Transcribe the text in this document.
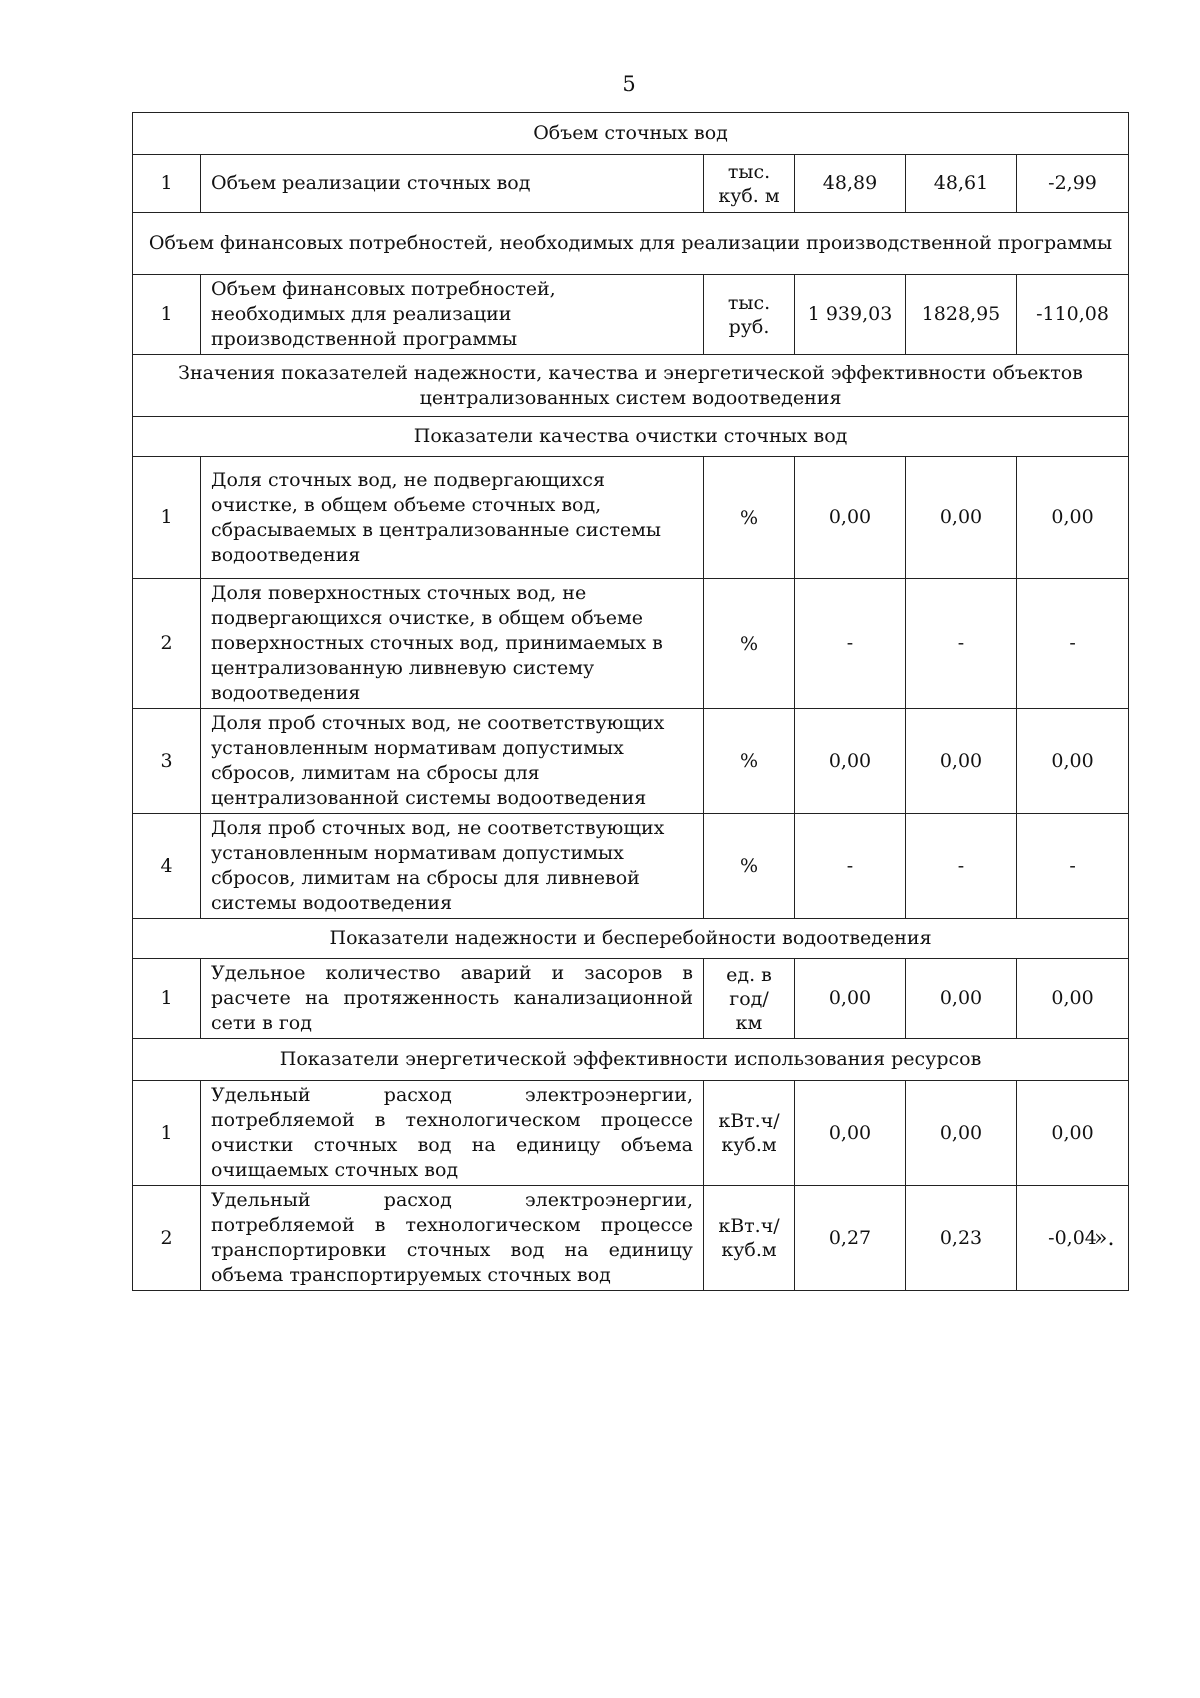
5
Объем сточных вод					
1	Объем реализации сточных вод	тыс. куб. м	48,89	48,61	-2,99
Объем финансовых потребностей, необходимых для реализации производственной программы					
1	Объем финансовых потребностей, необходимых для реализации производственной программы	тыс. руб.	1 939,03	1828,95	-110,08
Значения показателей надежности, качества и энергетической эффективности объектов централизованных систем водоотведения					
Показатели качества очистки сточных вод					
1	Доля сточных вод, не подвергающихся очистке, в общем объеме сточных вод, сбрасываемых в централизованные системы водоотведения	%	0,00	0,00	0,00
2	Доля поверхностных сточных вод, не подвергающихся очистке, в общем объеме поверхностных сточных вод, принимаемых в централизованную ливневую систему водоотведения	%	-	-	-
3	Доля проб сточных вод, не соответствующих установленным нормативам допустимых сбросов, лимитам на сбросы для централизованной системы водоотведения	%	0,00	0,00	0,00
4	Доля проб сточных вод, не соответствующих установленным нормативам допустимых сбросов, лимитам на сбросы для ливневой системы водоотведения	%	-	-	-
Показатели надежности и бесперебойности водоотведения					
1	Удельное количество аварий и засоров в расчете на протяженность канализационной сети в год	ед. в год/ км	0,00	0,00	0,00
Показатели энергетической эффективности использования ресурсов					
1	Удельный расход электроэнергии, потребляемой в технологическом процессе очистки сточных вод на единицу объема очищаемых сточных вод	кВт.ч/ куб.м	0,00	0,00	0,00
2	Удельный расход электроэнергии, потребляемой в технологическом процессе транспортировки сточных вод на единицу объема транспортируемых сточных вод	кВт.ч/ куб.м	0,27	0,23	-0,04
».
